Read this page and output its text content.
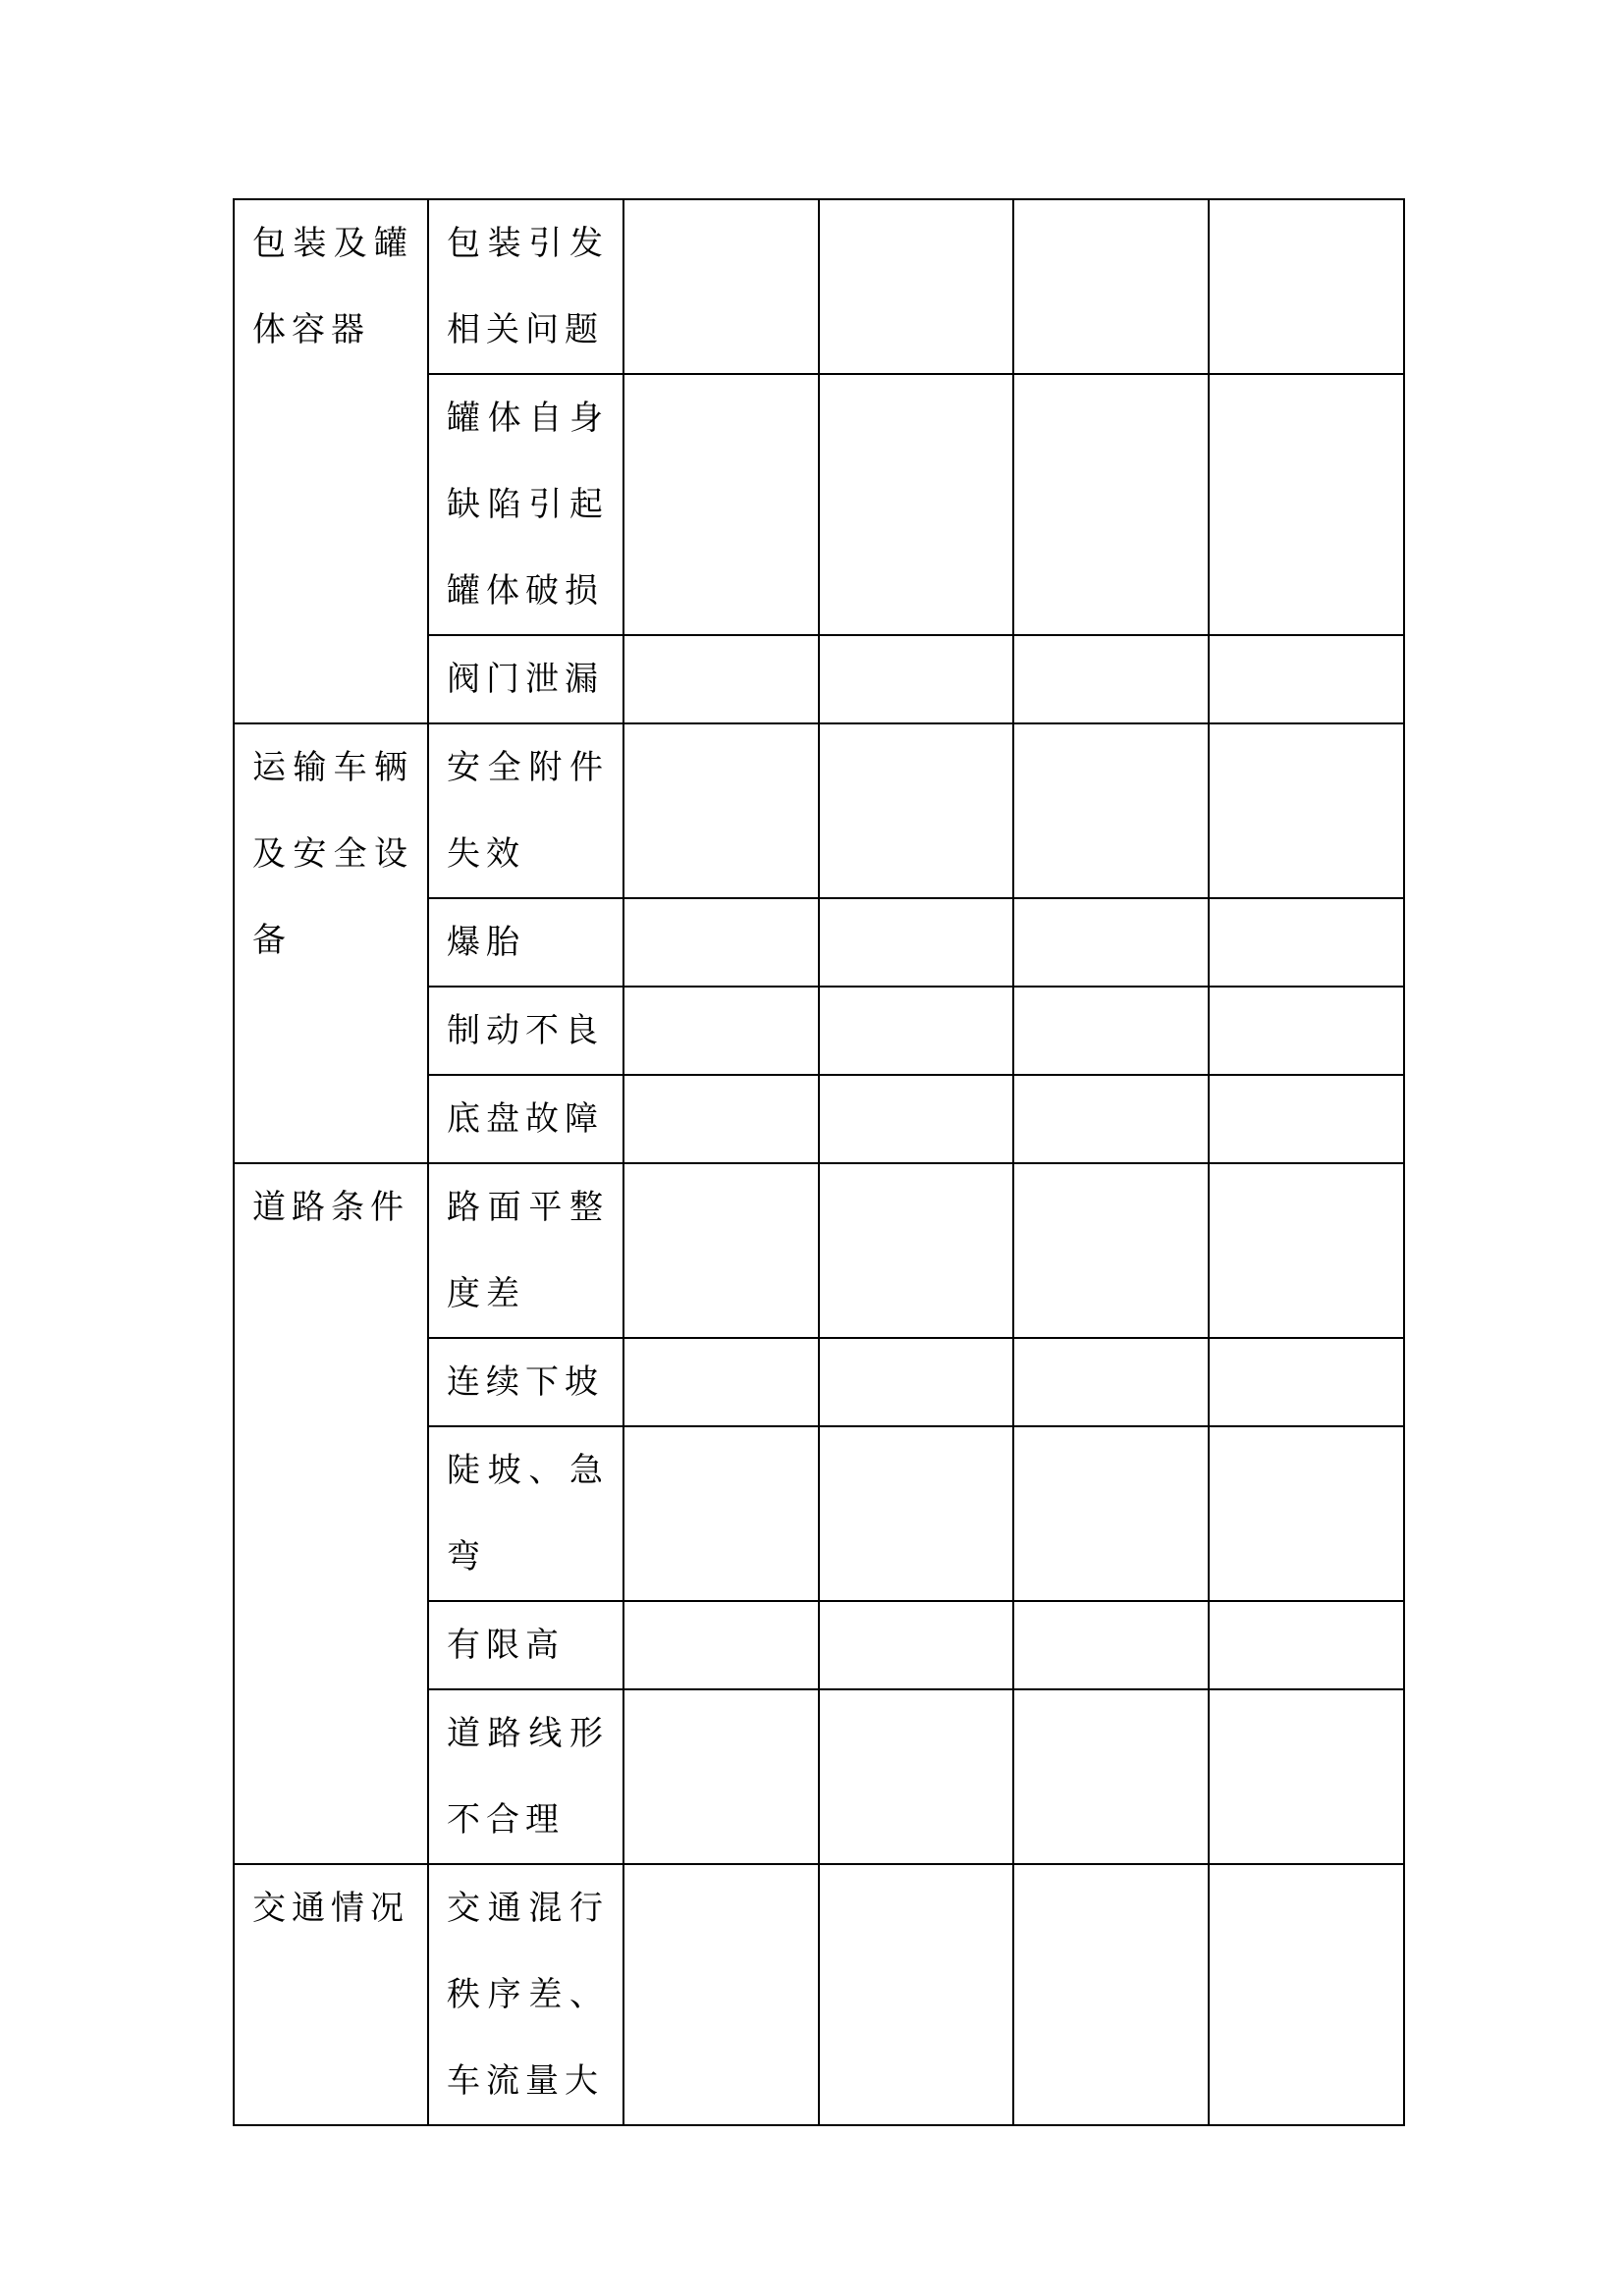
包装及罐体容器	包装引发相关问题				

	罐体自身缺陷引起罐体破损				

	阀门泄漏				

运输车辆及安全设备	安全附件失效				

	爆胎				

	制动不良				

	底盘故障				

道路条件	路面平整度差				

	连续下坡				

	陡坡、急弯				

	有限高				

	道路线形不合理				

交通情况	交通混行秩序差、车流量大				
